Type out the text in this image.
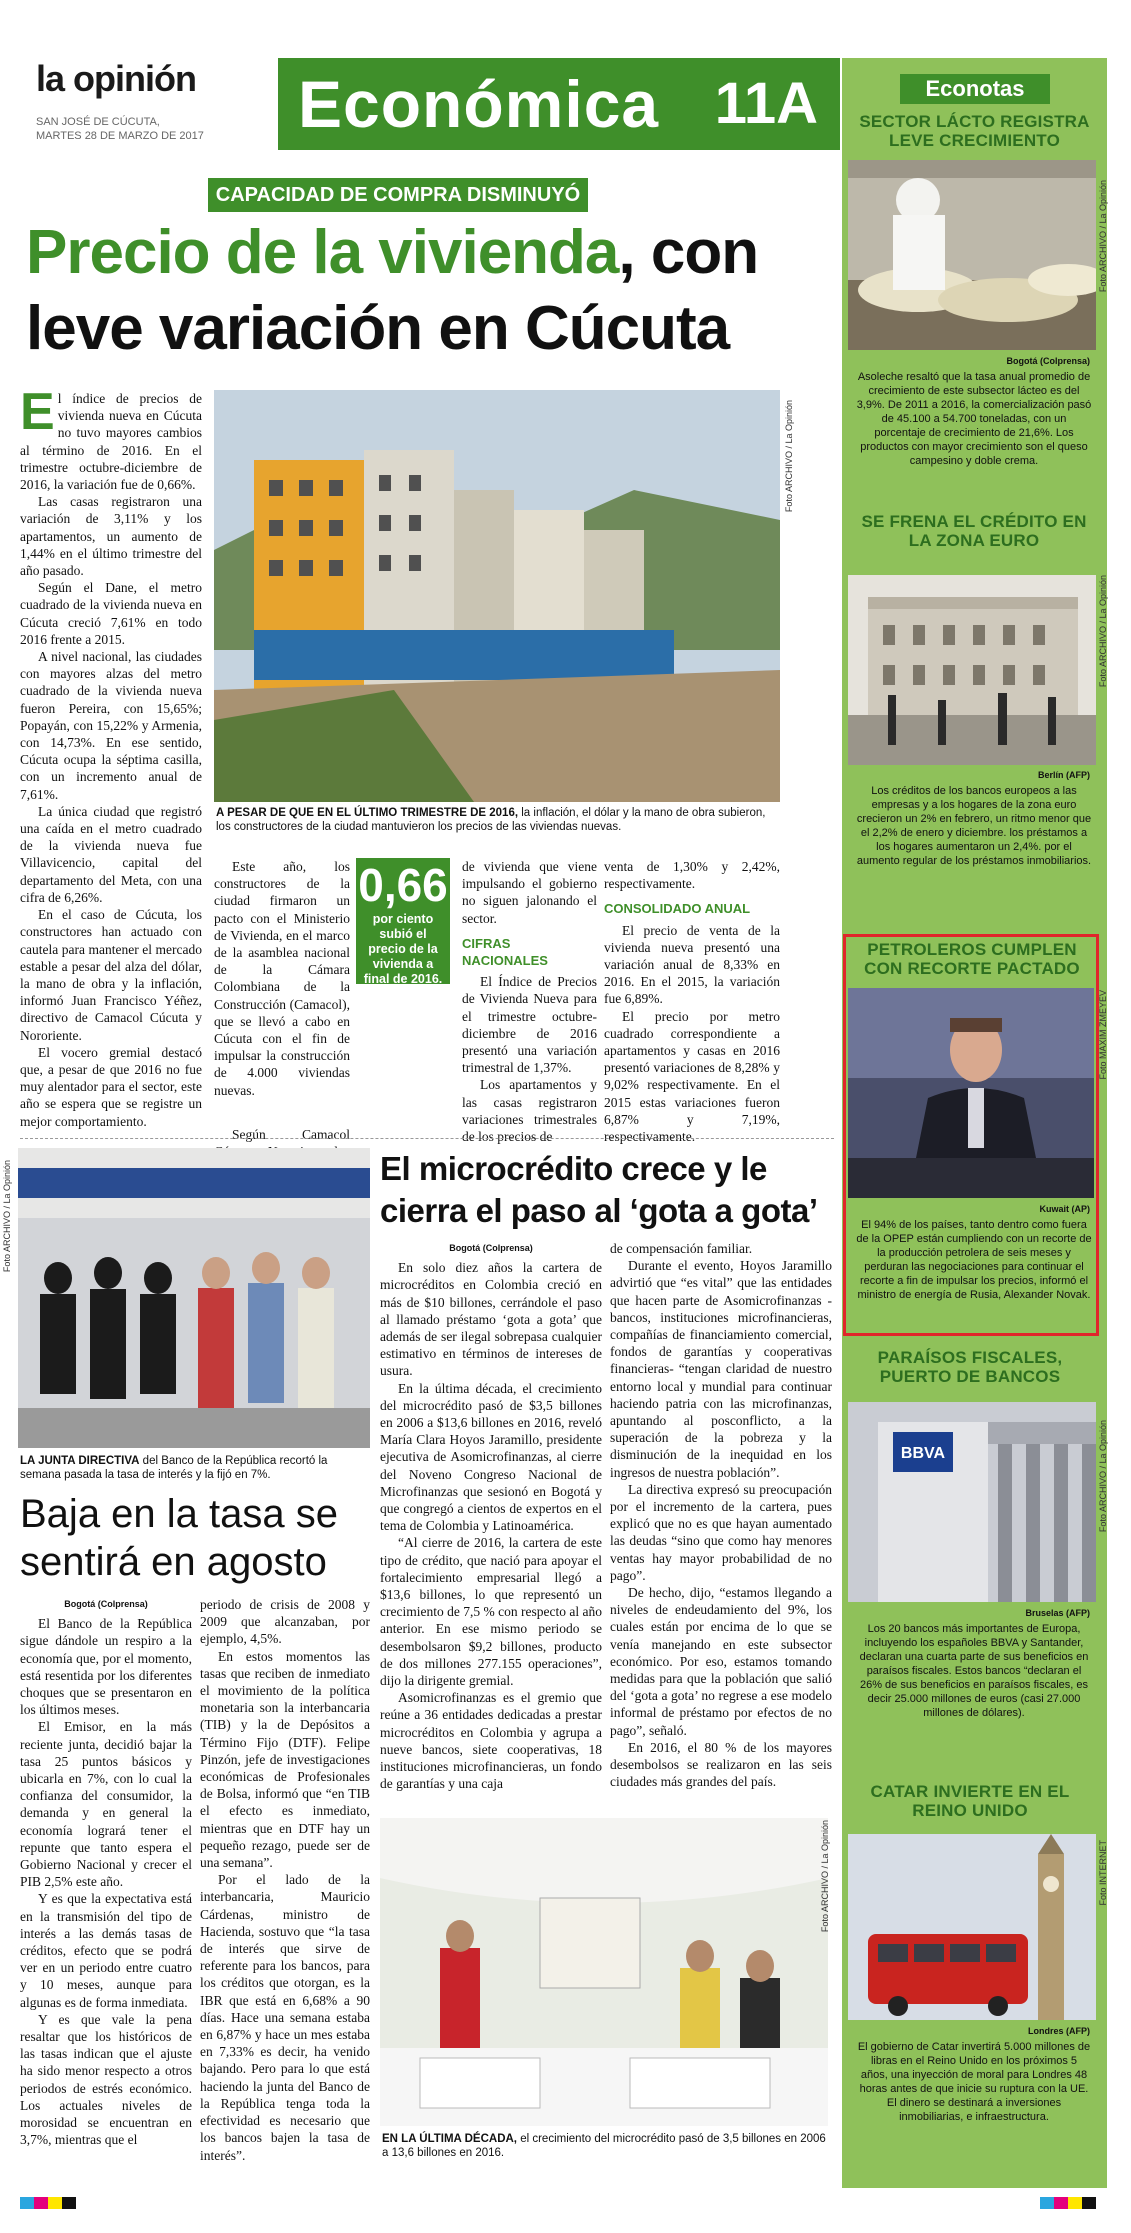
la opinión
SAN JOSÉ DE CÚCUTA,
MARTES 28 DE MARZO DE 2017 Económica 11A	Econotas
SECTOR LÁCTO REGISTRA LEVE CRECIMIENTO
Foto ARCHIVO / La Opinión
Bogotá (Colprensa)
Asoleche resaltó que la tasa anual promedio de crecimiento de este subsector lácteo es del 3,9%. De 2011 a 2016, la comercialización pasó de 45.100 a 54.700 toneladas, con un porcentaje de crecimiento de 21,6%. Los productos con mayor crecimiento son el queso campesino y doble crema.
SE FRENA EL CRÉDITO EN LA ZONA EURO
Foto ARCHIVO / La Opinión
Berlín (AFP)
Los créditos de los bancos europeos a las empresas y a los hogares de la zona euro crecieron un 2% en febrero, un ritmo menor que el 2,2% de enero y diciembre. los préstamos a los hogares aumentaron un 2,4%. por el aumento regular de los préstamos inmobiliarios.
PETROLEROS CUMPLEN CON RECORTE PACTADO
Foto MAXIM ZMEYEV
Kuwait (AP)
El 94% de los países, tanto dentro como fuera de la OPEP están cumpliendo con un recorte de la producción petrolera de seis meses y perduran las negociaciones para continuar el recorte a fin de impulsar los precios, informó el ministro de energía de Rusia, Alexander Novak.
PARAÍSOS FISCALES, PUERTO DE BANCOS
BBVA	Foto ARCHIVO / La Opinión
Bruselas (AFP)
Los 20 bancos más importantes de Europa, incluyendo los españoles BBVA y Santander, declaran una cuarta parte de sus beneficios en paraísos fiscales. Estos bancos “declaran el 26% de sus beneficios en paraísos fiscales, es decir 25.000 millones de euros (casi 27.000 millones de dólares).
CATAR INVIERTE EN EL REINO UNIDO
Foto INTERNET
Londres (AFP)
El gobierno de Catar invertirá 5.000 millones de libras en el Reino Unido en los próximos 5 años, una inyección de moral para Londres 48 horas antes de que inicie su ruptura con la UE. El dinero se destinará a inversiones inmobiliarias, e infraestructura.
CAPACIDAD DE COMPRA DISMINUYÓ
Precio de la vivienda, con
leve variación en Cúcuta
El índice de precios de vivienda nueva en Cúcuta no tuvo mayores cambios al término de 2016. En el trimestre octubre-diciembre de 2016, la variación fue de 0,66%.

Las casas registraron una variación de 3,11% y los apartamentos, un aumento de 1,44% en el último trimestre del año pasado.

Según el Dane, el metro cuadrado de la vivienda nueva en Cúcuta creció 7,61% en todo 2016 frente a 2015.

A nivel nacional, las ciudades con mayores alzas del metro cuadrado de la vivienda nueva fueron Pereira, con 15,65%; Popayán, con 15,22% y Armenia, con 14,73%. En ese sentido, Cúcuta ocupa la séptima casilla, con un incremento anual de 7,61%.

La única ciudad que registró una caída en el metro cuadrado de la vivienda nueva fue Villavicencio, capital del departamento del Meta, con una cifra de 6,26%.

En el caso de Cúcuta, los constructores han actuado con cautela para mantener el mercado estable a pesar del alza del dólar, la mano de obra y la inflación, informó Juan Francisco Yéñez, directivo de Camacol Cúcuta y Nororiente.

El vocero gremial destacó que, a pesar de que 2016 no fue muy alentador para el sector, este año se espera que se registre un mejor comportamiento.

Foto ARCHIVO / La Opinión
A PESAR DE QUE EN EL ÚLTIMO TRIMESTRE DE 2016, la inflación, el dólar y la mano de obra subieron, los constructores de la ciudad mantuvieron los precios de las viviendas nuevas.

Este año, los constructores de la ciudad firmaron un pacto con el Ministerio de Vivienda, en el marco de la asamblea nacional de la Cámara Colombiana de la Construcción (Camacol), que se llevó a cabo en Cúcuta con el fin de impulsar la construcción de 4.000 viviendas nuevas.

Según Camacol

0,66
por ciento subió el precio de la vivienda a final de 2016.

de vivienda que viene impulsando el gobierno no siguen jalonando el sector.

CIFRAS NACIONALES

El Índice de Precios de Vivienda Nueva para el trimestre octubre-diciembre de 2016 presentó una variación trimestral de 1,37%.

Los apartamentos y las casas registraron variaciones trimestrales de los precios de

venta de 1,30% y 2,42%, respectivamente.

CONSOLIDADO ANUAL

El precio de venta de la vivienda nueva presentó una variación anual de 8,33% en 2016. En el 2015, la variación fue 6,89%.

El precio por metro cuadrado correspondiente a apartamentos y casas en 2016 presentó variaciones de 8,28% y 9,02% respectivamente. En el 2015 estas variaciones fueron 6,87% y 7,19%, respectivamente.

Foto ARCHIVO / La Opinión
LA JUNTA DIRECTIVA del Banco de la República recortó la semana pasada la tasa de interés y la fijó en 7%.
Baja en la tasa se sentirá en agosto
Bogotá (Colprensa)

El Banco de la República sigue dándole un respiro a la economía que, por el momento, está resentida por los diferentes choques que se presentaron en los últimos meses.

El Emisor, en la más reciente junta, decidió bajar la tasa 25 puntos básicos y ubicarla en 7%, con lo cual la confianza del consumidor, la demanda y en general la economía logrará tener el repunte que tanto espera el Gobierno Nacional y crecer el PIB 2,5% este año.

Y es que la expectativa está en la transmisión del tipo de interés a las demás tasas de créditos, efecto que se podrá ver en un periodo entre cuatro y 10 meses, aunque para algunas es de forma inmediata.

Y es que vale la pena resaltar que los históricos de las tasas indican que el ajuste ha sido menor respecto a otros periodos de estrés económico. Los actuales niveles de morosidad se encuentran en 3,7%, mientras que el

periodo de crisis de 2008 y 2009 que alcanzaban, por ejemplo, 4,5%.

En estos momentos las tasas que reciben de inmediato el movimiento de la política monetaria son la interbancaria (TIB) y la de Depósitos a Término Fijo (DTF). Felipe Pinzón, jefe de investigaciones económicas de Profesionales de Bolsa, informó que “en TIB el efecto es inmediato, mientras que en DTF hay un pequeño rezago, puede ser de una semana”.

Por el lado de la interbancaria, Mauricio Cárdenas, ministro de Hacienda, sostuvo que “la tasa de interés que sirve de referente para los bancos, para los créditos que otorgan, es la IBR que está en 6,68% a 90 días. Hace una semana estaba en 6,87% y hace un mes estaba en 7,33% es decir, ha venido bajando. Pero para lo que está haciendo la junta del Banco de la República tenga toda la efectividad es necesario que los bancos bajen la tasa de interés”.

El microcrédito crece y le cierra el paso al ‘gota a gota’
Bogotá (Colprensa)

En solo diez años la cartera de microcréditos en Colombia creció en más de $10 billones, cerrándole el paso al llamado préstamo ‘gota a gota’ que además de ser ilegal sobrepasa cualquier estimativo en términos de intereses de usura.

En la última década, el crecimiento del microcrédito pasó de $3,5 billones en 2006 a $13,6 billones en 2016, reveló María Clara Hoyos Jaramillo, presidente ejecutiva de Asomicrofinanzas, al cierre del Noveno Congreso Nacional de Microfinanzas que sesionó en Bogotá y que congregó a cientos de expertos en el tema de Colombia y Latinoamérica.

“Al cierre de 2016, la cartera de este tipo de crédito, que nació para apoyar el fortalecimiento empresarial llegó a $13,6 billones, lo que representó un crecimiento de 7,5 % con respecto al año anterior. En ese mismo periodo se desembolsaron $9,2 billones, producto de dos millones 277.155 operaciones”, dijo la dirigente gremial.

Asomicrofinanzas es el gremio que reúne a 36 entidades dedicadas a prestar microcréditos en Colombia y agrupa a nueve bancos, siete cooperativas, 18 instituciones microfinancieras, un fondo de garantías y una caja

de compensación familiar.

Durante el evento, Hoyos Jaramillo advirtió que “es vital” que las entidades que hacen parte de Asomicrofinanzas -bancos, instituciones microfinancieras, compañías de financiamiento comercial, fondos de garantías y cooperativas financieras- “tengan claridad de nuestro entorno local y mundial para continuar haciendo patria con las microfinanzas, apuntando al posconflicto, a la superación de la pobreza y la disminución de la inequidad en los ingresos de nuestra población”.

La directiva expresó su preocupación por el incremento de la cartera, pues explicó que no es que hayan aumentado las deudas “sino que como hay menores ventas hay mayor probabilidad de no pago”.

De hecho, dijo, “estamos llegando a niveles de endeudamiento del 9%, los cuales están por encima de lo que se venía manejando en este subsector económico. Por eso, estamos tomando medidas para que la población que salió del ‘gota a gota’ no regrese a ese modelo informal de préstamo por efectos de no pago”, señaló.

En 2016, el 80 % de los mayores desembolsos se realizaron en las seis ciudades más grandes del país.

Foto ARCHIVO / La Opinión
EN LA ÚLTIMA DÉCADA, el crecimiento del microcrédito pasó de 3,5 billones en 2006 a 13,6 billones en 2016.
